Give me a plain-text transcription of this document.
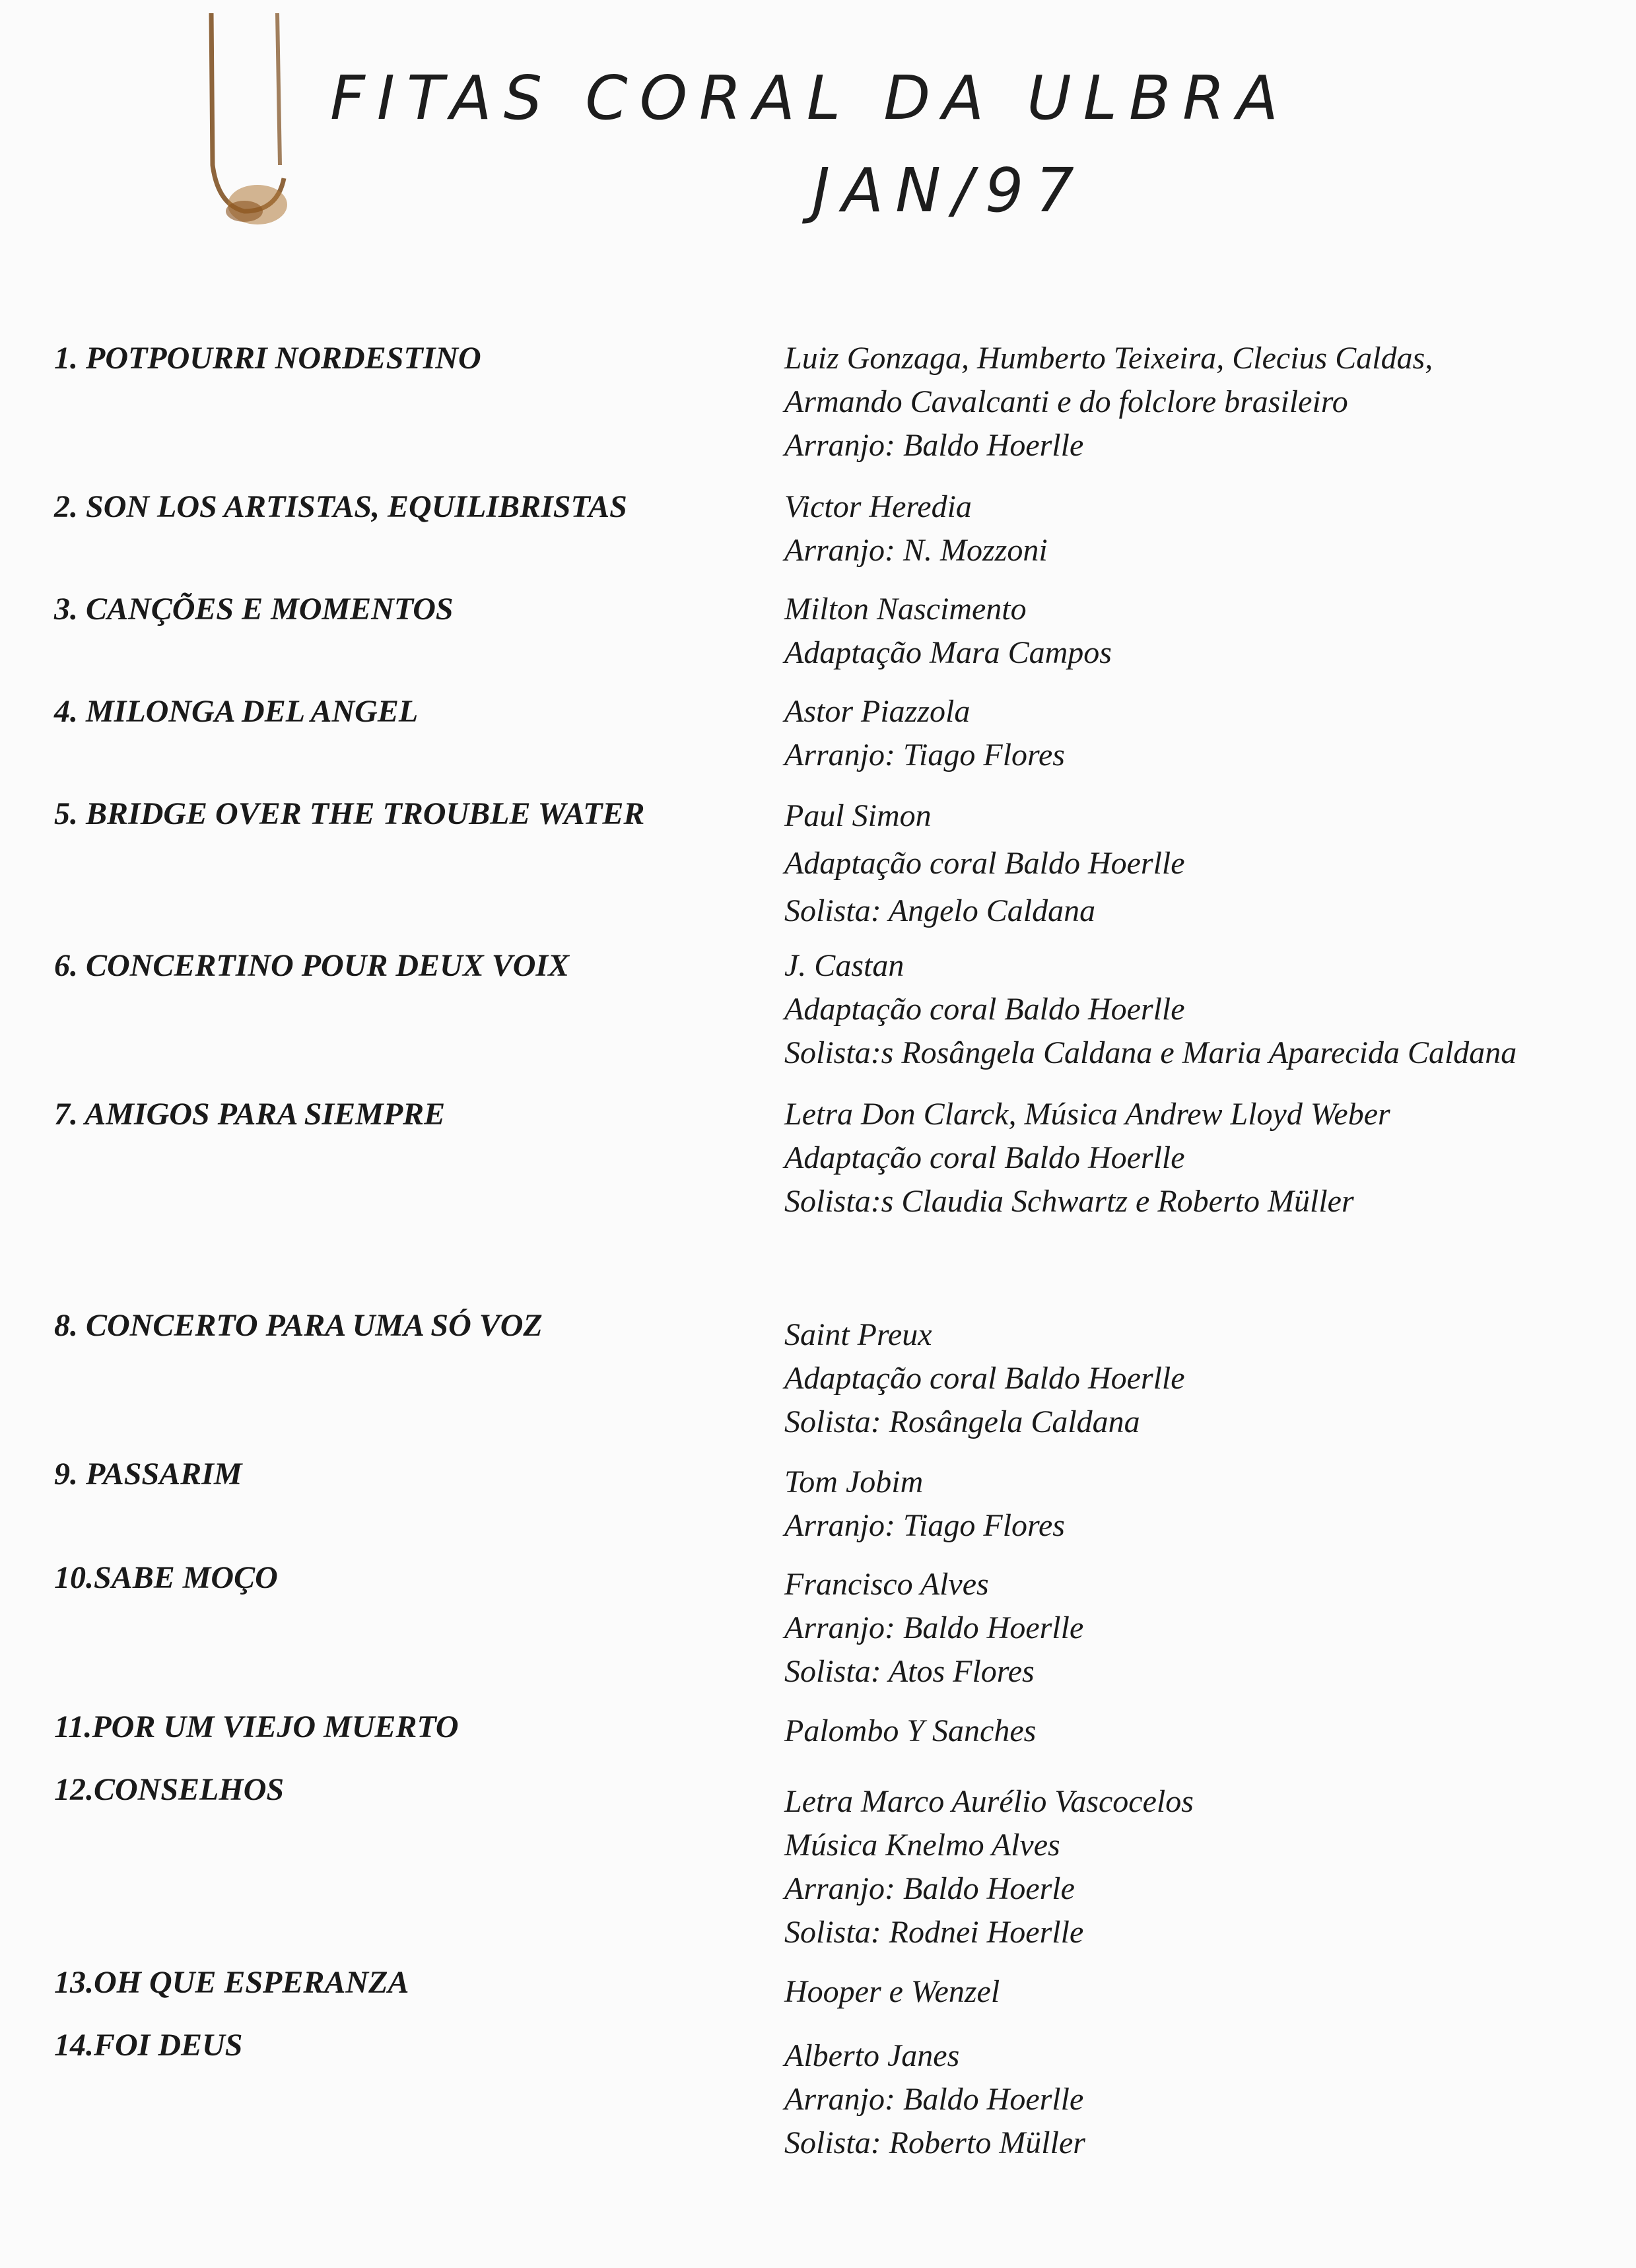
FITAS CORAL DA ULBRA
JAN/97
1. POTPOURRI NORDESTINO	Luiz Gonzaga, Humberto Teixeira, Clecius Caldas,
Armando Cavalcanti e do folclore brasileiro
Arranjo: Baldo Hoerlle
2. SON LOS ARTISTAS, EQUILIBRISTAS	Victor Heredia
Arranjo: N. Mozzoni
3. CANÇÕES E MOMENTOS	Milton Nascimento
Adaptação Mara Campos
4. MILONGA DEL ANGEL	Astor Piazzola
Arranjo: Tiago Flores
5. BRIDGE OVER THE TROUBLE WATER	Paul Simon
Adaptação coral Baldo Hoerlle
Solista: Angelo Caldana
6. CONCERTINO POUR DEUX VOIX	J. Castan
Adaptação coral Baldo Hoerlle
Solista:s Rosângela Caldana e Maria Aparecida Caldana
7. AMIGOS PARA SIEMPRE	Letra Don Clarck, Música Andrew Lloyd Weber
Adaptação coral Baldo Hoerlle
Solista:s Claudia Schwartz e Roberto Müller
8. CONCERTO PARA UMA SÓ VOZ	Saint Preux
Adaptação coral Baldo Hoerlle
Solista: Rosângela Caldana
9. PASSARIM	Tom Jobim
Arranjo: Tiago Flores
10.SABE MOÇO	Francisco Alves
Arranjo: Baldo Hoerlle
Solista: Atos Flores
11.POR UM VIEJO MUERTO	Palombo Y Sanches
12.CONSELHOS	Letra Marco Aurélio Vascocelos
Música Knelmo Alves
Arranjo: Baldo Hoerle
Solista: Rodnei Hoerlle
13.OH QUE ESPERANZA	Hooper e Wenzel
14.FOI DEUS	Alberto Janes
Arranjo: Baldo Hoerlle
Solista: Roberto Müller
